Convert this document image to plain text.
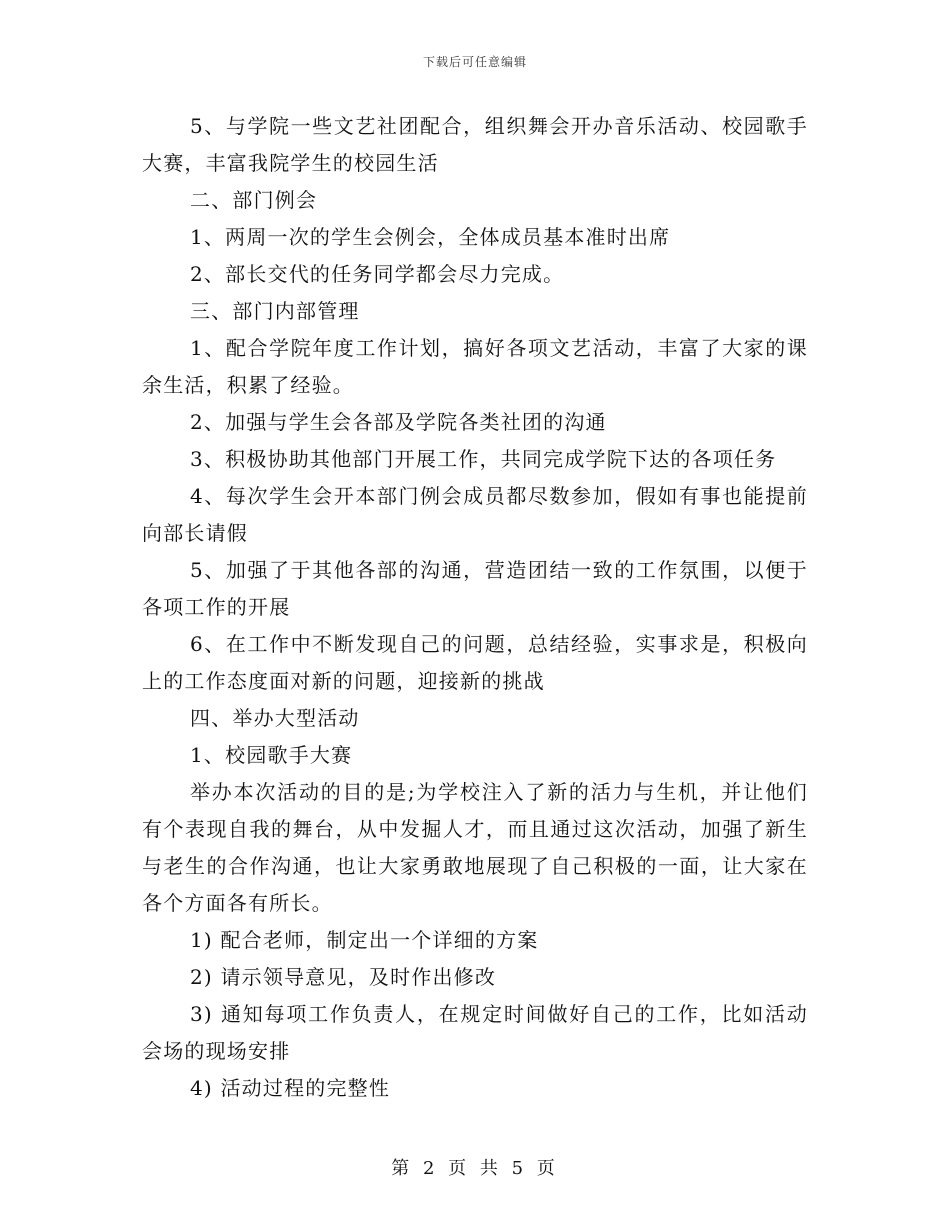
下载后可任意编辑

5、与学院一些文艺社团配合，组织舞会开办音乐活动、校园歌手大赛，丰富我院学生的校园生活

二、部门例会

1、两周一次的学生会例会，全体成员基本准时出席

2、部长交代的任务同学都会尽力完成。

三、部门内部管理

1、配合学院年度工作计划，搞好各项文艺活动，丰富了大家的课余生活，积累了经验。

2、加强与学生会各部及学院各类社团的沟通

3、积极协助其他部门开展工作，共同完成学院下达的各项任务

4、每次学生会开本部门例会成员都尽数参加，假如有事也能提前向部长请假

5、加强了于其他各部的沟通，营造团结一致的工作氛围，以便于各项工作的开展

6、在工作中不断发现自己的问题，总结经验，实事求是，积极向上的工作态度面对新的问题，迎接新的挑战

四、举办大型活动

1、校园歌手大赛

举办本次活动的目的是;为学校注入了新的活力与生机，并让他们有个表现自我的舞台，从中发掘人才，而且通过这次活动，加强了新生与老生的合作沟通，也让大家勇敢地展现了自己积极的一面，让大家在各个方面各有所长。

1) 配合老师，制定出一个详细的方案

2) 请示领导意见，及时作出修改

3) 通知每项工作负责人，在规定时间做好自己的工作，比如活动会场的现场安排

4) 活动过程的完整性

第 2 页 共 5 页
